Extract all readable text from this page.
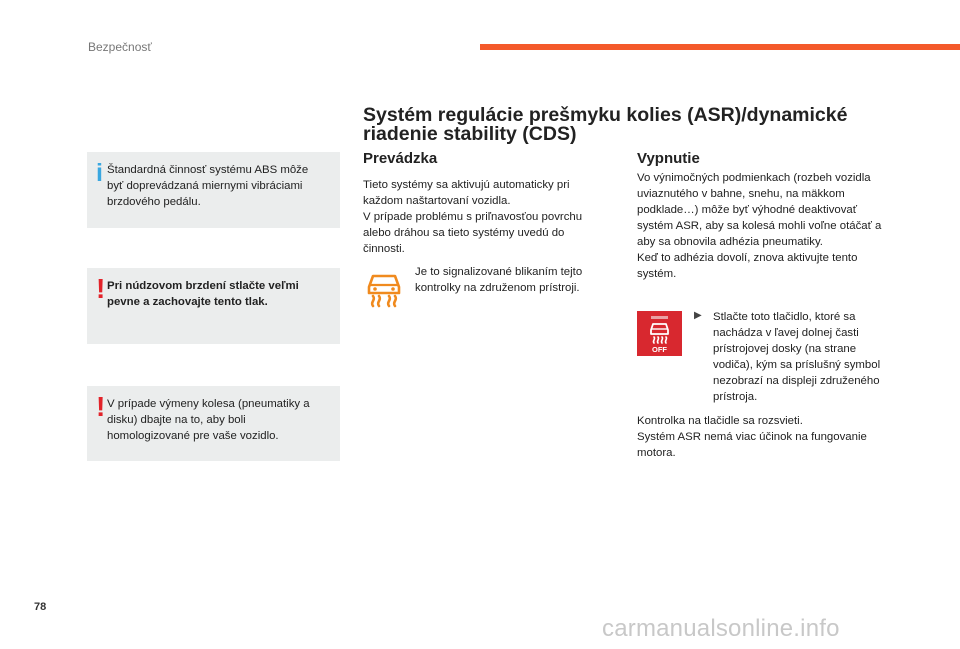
Bezpečnosť
i Štandardná činnosť systému ABS môže byť doprevádzaná miernymi vibráciami brzdového pedálu.
! Pri núdzovom brzdení stlačte veľmi pevne a zachovajte tento tlak.
! V prípade výmeny kolesa (pneumatiky a disku) dbajte na to, aby boli homologizované pre vaše vozidlo.
Systém regulácie prešmyku kolies (ASR)/dynamické riadenie stability (CDS)
Prevádzka
Tieto systémy sa aktivujú automaticky pri každom naštartovaní vozidla.
V prípade problému s priľnavosťou povrchu alebo dráhou sa tieto systémy uvedú do činnosti.
Je to signalizované blikaním tejto kontrolky na združenom prístroji.
Vypnutie
Vo výnimočných podmienkach (rozbeh vozidla uviaznutého v bahne, snehu, na mäkkom podklade…) môže byť výhodné deaktivovať systém ASR, aby sa kolesá mohli voľne otáčať a aby sa obnovila adhézia pneumatiky.
Keď to adhézia dovolí, znova aktivujte tento systém.
OFF
▶ Stlačte toto tlačidlo, ktoré sa nachádza v ľavej dolnej časti prístrojovej dosky (na strane vodiča), kým sa príslušný symbol nezobrazí na displeji združeného prístroja.
Kontrolka na tlačidle sa rozsvieti.
Systém ASR nemá viac účinok na fungovanie motora.
78
carmanualsonline.info
